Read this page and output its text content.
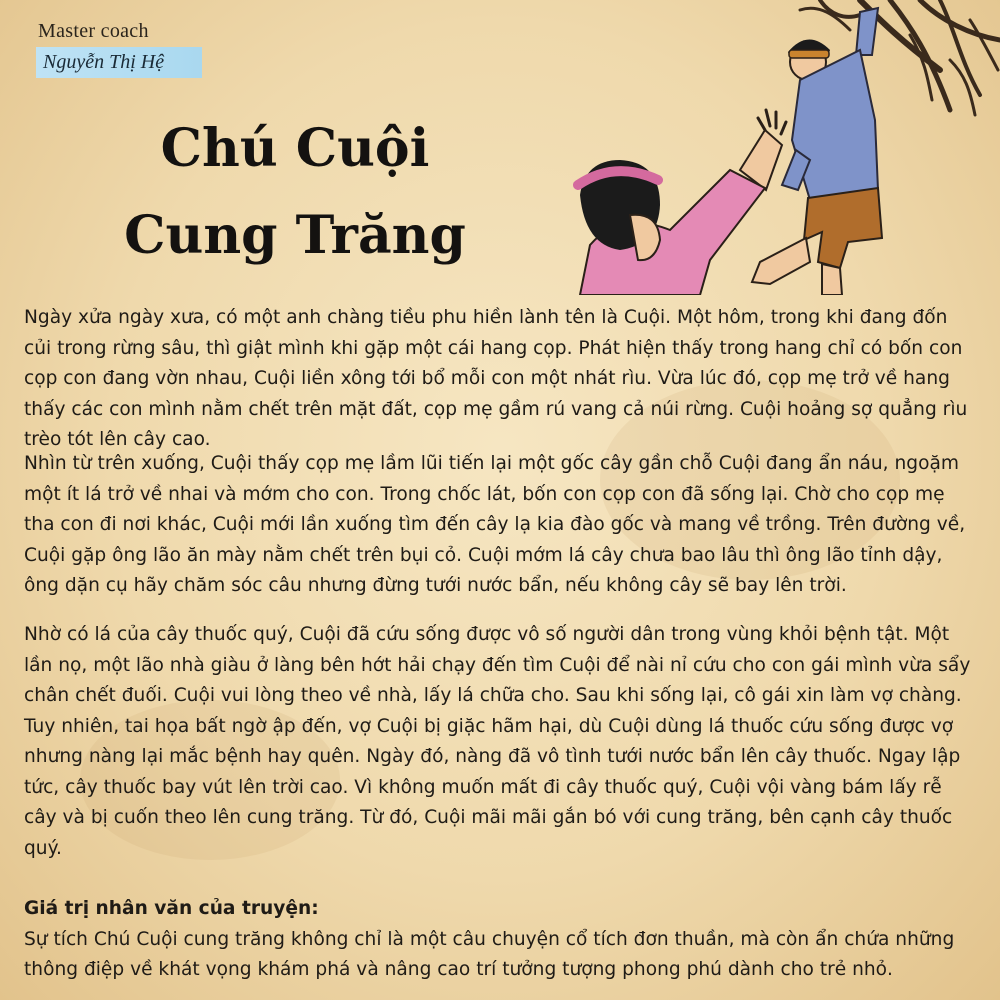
Master coach
Nguyễn Thị Hệ
Chú Cuội
Cung Trăng

Ngày xửa ngày xưa, có một anh chàng tiều phu hiền lành tên là Cuội. Một hôm, trong khi đang đốn củi trong rừng sâu, thì giật mình khi gặp một cái hang cọp. Phát hiện thấy trong hang chỉ có bốn con cọp con đang vờn nhau, Cuội liền xông tới bổ mỗi con một nhát rìu. Vừa lúc đó, cọp mẹ trở về hang thấy các con mình nằm chết trên mặt đất, cọp mẹ gầm rú vang cả núi rừng. Cuội hoảng sợ quẳng rìu trèo tót lên cây cao.

Nhìn từ trên xuống, Cuội thấy cọp mẹ lầm lũi tiến lại một gốc cây gần chỗ Cuội đang ẩn náu, ngoặm một ít lá trở về nhai và mớm cho con. Trong chốc lát, bốn con cọp con đã sống lại. Chờ cho cọp mẹ tha con đi nơi khác, Cuội mới lần xuống tìm đến cây lạ kia đào gốc và mang về trồng. Trên đường về, Cuội gặp ông lão ăn mày nằm chết trên bụi cỏ. Cuội mớm lá cây chưa bao lâu thì ông lão tỉnh dậy, ông dặn cụ hãy chăm sóc câu nhưng đừng tưới nước bẩn, nếu không cây sẽ bay lên trời.

Nhờ có lá của cây thuốc quý, Cuội đã cứu sống được vô số người dân trong vùng khỏi bệnh tật. Một lần nọ, một lão nhà giàu ở làng bên hớt hải chạy đến tìm Cuội để nài nỉ cứu cho con gái mình vừa sẩy chân chết đuối. Cuội vui lòng theo về nhà, lấy lá chữa cho. Sau khi sống lại, cô gái xin làm vợ chàng.

Tuy nhiên, tai họa bất ngờ ập đến, vợ Cuội bị giặc hãm hại, dù Cuội dùng lá thuốc cứu sống được vợ nhưng nàng lại mắc bệnh hay quên. Ngày đó, nàng đã vô tình tưới nước bẩn lên cây thuốc. Ngay lập tức, cây thuốc bay vút lên trời cao. Vì không muốn mất đi cây thuốc quý, Cuội vội vàng bám lấy rễ cây và bị cuốn theo lên cung trăng. Từ đó, Cuội mãi mãi gắn bó với cung trăng, bên cạnh cây thuốc quý.

Giá trị nhân văn của truyện:

Sự tích Chú Cuội cung trăng không chỉ là một câu chuyện cổ tích đơn thuần, mà còn ẩn chứa những thông điệp về khát vọng khám phá và nâng cao trí tưởng tượng phong phú dành cho trẻ nhỏ.
